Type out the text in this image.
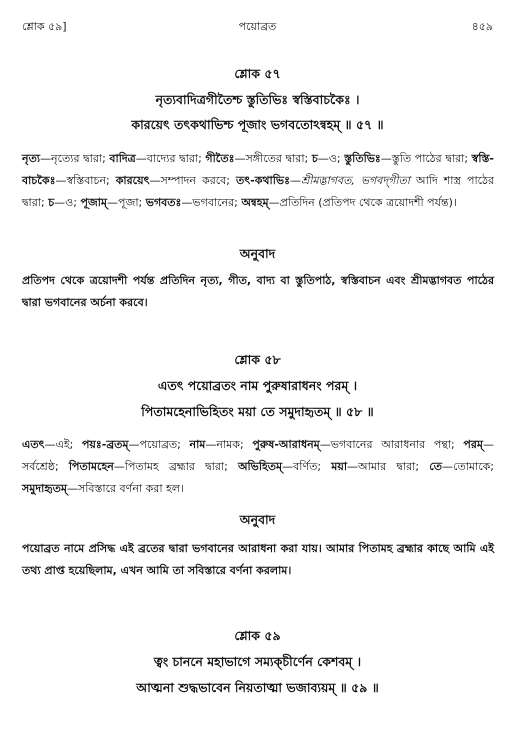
শ্লোক ৫৯]	পয়োব্রত	৪৫৯
শ্লোক ৫৭
নৃত্যবাদিত্রগীতৈশ্চ স্তুতিভিঃ স্বস্তিবাচকৈঃ ।
কারয়েৎ তৎকথাভিশ্চ পূজাং ভগবতোঽন্বহম্‌ ॥ ৫৭ ॥
নৃত্য—নৃত্যের দ্বারা; বাদিত্র—বাদ্যের দ্বারা; গীতৈঃ—সঙ্গীতের দ্বারা; চ—ও; স্তুতিভিঃ—স্তুতি পাঠের দ্বারা; স্বস্তি-বাচকৈঃ—স্বস্তিবাচন; কারয়েৎ—সম্পাদন করবে; তৎ-কথাভিঃ—শ্রীমদ্ভাগবত, ভগবদ্‌গীতা আদি শাস্ত্র পাঠের দ্বারা; চ—ও; পূজাম্‌—পূজা; ভগবতঃ—ভগবানের; অন্বহম্‌—প্রতিদিন (প্রতিপদ থেকে ত্রয়োদশী পর্যন্ত)।
অনুবাদ
প্রতিপদ থেকে ত্রয়োদশী পর্যন্ত প্রতিদিন নৃত্য, গীত, বাদ্য বা স্তুতিপাঠ, স্বস্তিবাচন এবং শ্রীমদ্ভাগবত পাঠের দ্বারা ভগবানের অর্চনা করবে।
শ্লোক ৫৮
এতৎ পয়োব্রতং নাম পুরুষারাধনং পরম্‌ ।
পিতামহেনাভিহিতং ময়া তে সমুদাহৃতম্‌ ॥ ৫৮ ॥
এতৎ—এই; পয়ঃ-ব্রতম্‌—পয়োব্রত; নাম—নামক; পুরুষ-আরাধনম্‌—ভগবানের আরাধনার পন্থা; পরম্‌—সর্বশ্রেষ্ঠ; পিতামহেন—পিতামহ ব্রহ্মার দ্বারা; অভিহিতম্‌—বর্ণিত; ময়া—আমার দ্বারা; তে—তোমাকে; সমুদাহৃতম্‌—সবিস্তারে বর্ণনা করা হল।
অনুবাদ
পয়োব্রত নামে প্রসিদ্ধ এই ব্রতের দ্বারা ভগবানের আরাধনা করা যায়। আমার পিতামহ ব্রহ্মার কাছে আমি এই তথ্য প্রাপ্ত হয়েছিলাম, এখন আমি তা সবিস্তারে বর্ণনা করলাম।
শ্লোক ৫৯
ত্বং চাননে মহাভাগে সম্যক্‌চীর্ণেন কেশবম্‌ ।
আত্মনা শুদ্ধভাবেন নিয়তাত্মা ভজাব্যয়ম্‌ ॥ ৫৯ ॥
